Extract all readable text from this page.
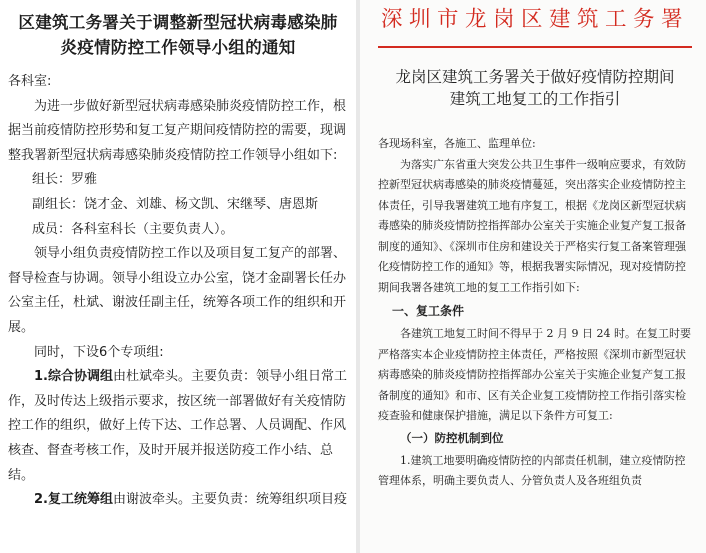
区建筑工务署关于调整新型冠状病毒感染肺
炎疫情防控工作领导小组的通知

各科室:

为进一步做好新型冠状病毒感染肺炎疫情防控工作，根据当前疫情防控形势和复工复产期间疫情防控的需要，现调整我署新型冠状病毒感染肺炎疫情防控工作领导小组如下:

组长：罗雅

副组长：饶才金、刘雄、杨文凯、宋继琴、唐恩斯

成员：各科室科长（主要负责人）。

领导小组负责疫情防控工作以及项目复工复产的部署、督导检查与协调。领导小组设立办公室，饶才金副署长任办公室主任，杜斌、谢波任副主任，统筹各项工作的组织和开展。

同时，下设6个专项组:

1.综合协调组由杜斌牵头。主要负责：领导小组日常工作，及时传达上级指示要求，按区统一部署做好有关疫情防控工作的组织，做好上传下达、工作总署、人员调配、作风核查、督查考核工作，及时开展并报送防疫工作小结、总结。

2.复工统筹组由谢波牵头。主要负责：统筹组织项目疫

深圳市龙岗区建筑工务署
龙岗区建筑工务署关于做好疫情防控期间
建筑工地复工的工作指引

各现场科室，各施工、监理单位:

为落实广东省重大突发公共卫生事件一级响应要求，有效防控新型冠状病毒感染的肺炎疫情蔓延，突出落实企业疫情防控主体责任，引导我署建筑工地有序复工，根据《龙岗区新型冠状病毒感染的肺炎疫情防控指挥部办公室关于实施企业复产复工报备制度的通知》、《深圳市住房和建设关于严格实行复工备案管理强化疫情防控工作的通知》等，根据我署实际情况，现对疫情防控期间我署各建筑工地的复工工作指引如下:

一、复工条件

各建筑工地复工时间不得早于 2 月 9 日 24 时。在复工时要严格落实本企业疫情防控主体责任，严格按照《深圳市新型冠状病毒感染的肺炎疫情防控指挥部办公室关于实施企业复产复工报备制度的通知》和市、区有关企业复工疫情防控工作指引落实检疫查验和健康保护措施，满足以下条件方可复工:

（一）防控机制到位

1.建筑工地要明确疫情防控的内部责任机制，建立疫情防控管理体系，明确主要负责人、分管负责人及各班组负责
